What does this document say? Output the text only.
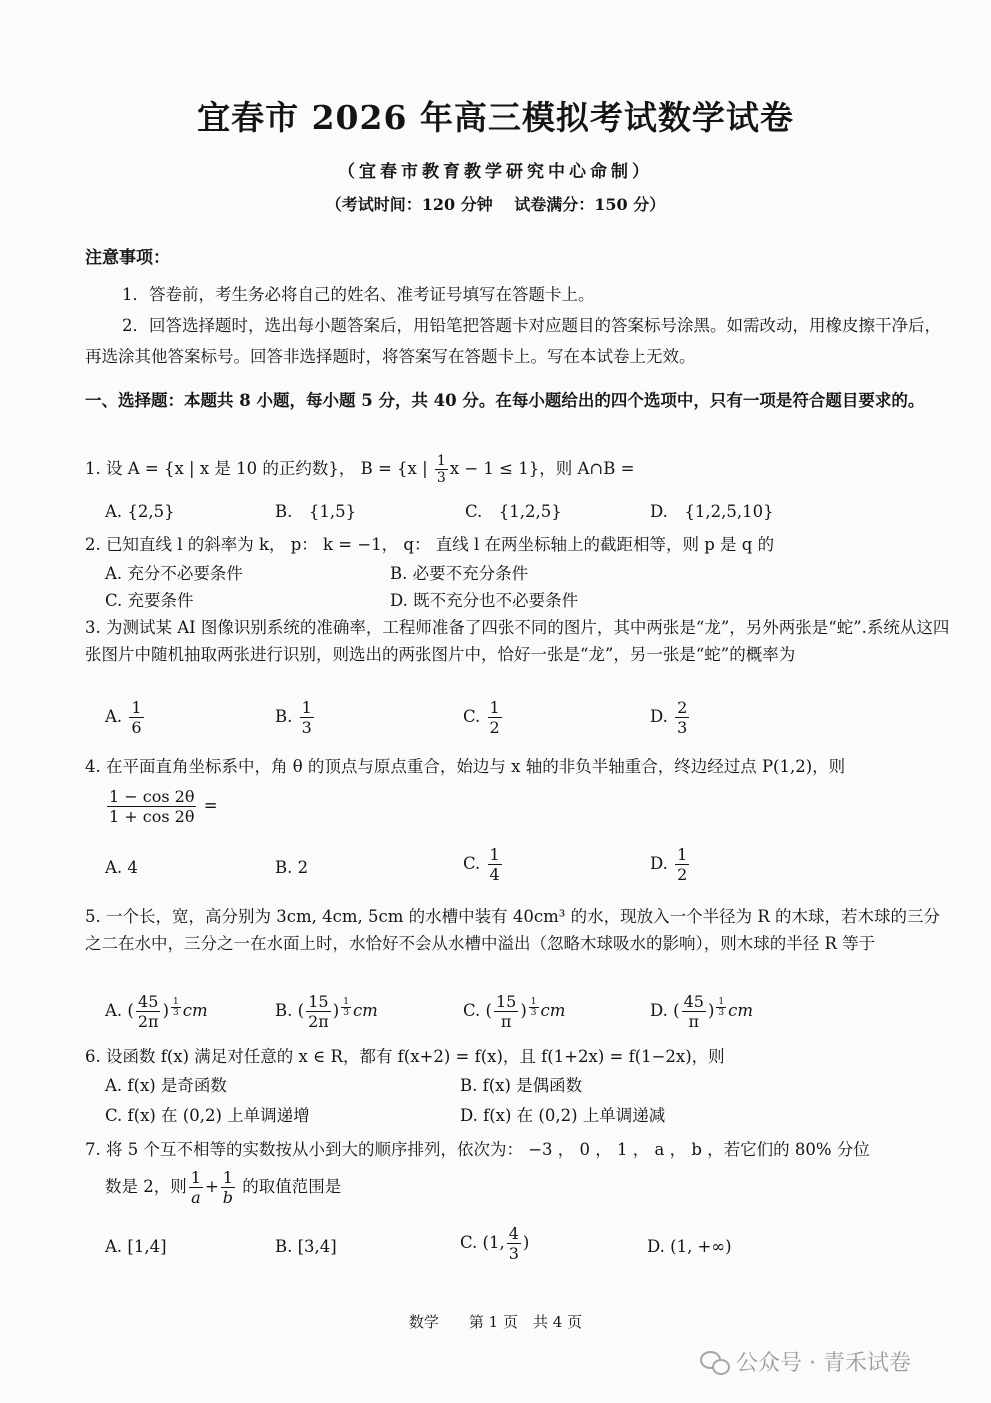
宜春市 2026 年高三模拟考试数学试卷
（宜春市教育教学研究中心命制）
（考试时间：120 分钟　 试卷满分：150 分）
注意事项：
1．答卷前，考生务必将自己的姓名、准考证号填写在答题卡上。
2．回答选择题时，选出每小题答案后，用铅笔把答题卡对应题目的答案标号涂黑。如需改动，用橡皮擦干净后，再选涂其他答案标号。回答非选择题时，将答案写在答题卡上。写在本试卷上无效。
一、选择题：本题共 8 小题，每小题 5 分，共 40 分。在每小题给出的四个选项中，只有一项是符合题目要求的。
1. 设 A = {x | x 是 10 的正约数}， B = {x | $\frac{1}{3}$ x − 1 ≤ 1}，则 A∩B =
A. {2,5}	B.　{1,5}	C.　{1,2,5}	D.　{1,2,5,10}
2. 已知直线 l 的斜率为 k， p： k = −1， q： 直线 l 在两坐标轴上的截距相等，则 p 是 q 的
A. 充分不必要条件	B. 必要不充分条件
C. 充要条件	D. 既不充分也不必要条件
3. 为测试某 AI 图像识别系统的准确率，工程师准备了四张不同的图片，其中两张是“龙”，另外两张是“蛇”.系统从这四张图片中随机抽取两张进行识别，则选出的两张图片中，恰好一张是“龙”，另一张是“蛇”的概率为
A. $\frac{1}{6}$	B. $\frac{1}{3}$	C. $\frac{1}{2}$	D. $\frac{2}{3}$
4. 在平面直角坐标系中，角 θ 的顶点与原点重合，始边与 x 轴的非负半轴重合，终边经过点 P(1,2)，则
$\frac{1 - \cos 2\theta}{1 + \cos 2\theta}$ =
A. 4	B. 2	C. $\frac{1}{4}$	D. $\frac{1}{2}$
5. 一个长，宽，高分别为 3cm, 4cm, 5cm 的水槽中装有 40cm³ 的水，现放入一个半径为 R 的木球，若木球的三分之二在水中，三分之一在水面上时，水恰好不会从水槽中溢出（忽略木球吸水的影响），则木球的半径 R 等于
A. ( $\frac{45}{2\pi}$ ) $^{\frac{1}{3}}$ cm	B. ( $\frac{15}{2\pi}$ ) $^{\frac{1}{3}}$ cm	C. ( $\frac{15}{\pi}$ ) $^{\frac{1}{3}}$ cm	D. ( $\frac{45}{\pi}$ ) $^{\frac{1}{3}}$ cm
6. 设函数 f(x) 满足对任意的 x ∈ R，都有 f(x+2) = f(x)，且 f(1+2x) = f(1−2x)，则
A. f(x) 是奇函数	B. f(x) 是偶函数
C. f(x) 在 (0,2) 上单调递增	D. f(x) 在 (0,2) 上单调递减
7. 将 5 个互不相等的实数按从小到大的顺序排列，依次为： −3 ， 0 ， 1 ， a ， b ，若它们的 80% 分位
数是 2，则 $\frac{1}{a} + \frac{1}{b}$ 的取值范围是
A. [1,4]	B. [3,4]	C. (1, $\frac{4}{3}$ )	D. (1, +∞)
数学　　第 1 页　共 4 页
公众号 · 青禾试卷
